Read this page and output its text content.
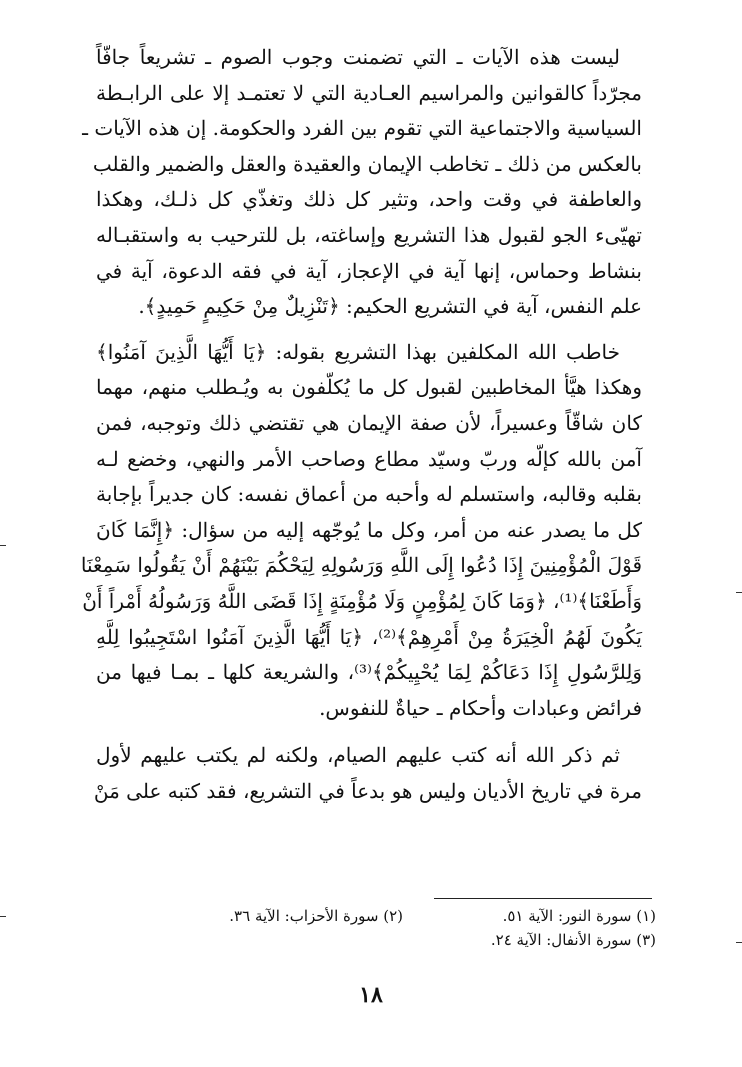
ليست هذه الآيات ـ التي تضمنت وجوب الصوم ـ تشريعاً جافّاً
مجرّداً كالقوانين والمراسيم العـادية التي لا تعتمـد إلا على الرابـطة
السياسية والاجتماعية التي تقوم بين الفرد والحكومة. إن هذه الآيات ـ
بالعكس من ذلك ـ تخاطب الإيمان والعقيدة والعقل والضمير والقلب
والعاطفة في وقت واحد، وتثير كل ذلك وتغذّي كل ذلـك، وهكذا
تهيّىء الجو لقبول هذا التشريع وإساغته، بل للترحيب به واستقبـاله
بنشاط وحماس، إنها آية في الإعجاز، آية في فقه الدعوة، آية في
علم النفس، آية في التشريع الحكيم: ﴿تَنْزِيلٌ مِنْ حَكِيمٍ حَمِيدٍ﴾.

خاطب الله المكلفين بهذا التشريع بقوله: ﴿يَا أَيُّهَا الَّذِينَ آمَنُوا﴾
وهكذا هيَّأ المخاطبين لقبول كل ما يُكلّفون به ويُـطلب منهم، مهما
كان شاقّاً وعسيراً، لأن صفة الإيمان هي تقتضي ذلك وتوجبه، فمن
آمن بالله كإلّه وربّ وسيّد مطاع وصاحب الأمر والنهي، وخضع لـه
بقلبه وقالبه، واستسلم له وأحبه من أعماق نفسه: كان جديراً بإجابة
كل ما يصدر عنه من أمر، وكل ما يُوجّهه إليه من سؤال: ﴿إِنَّمَا كَانَ
قَوْلَ الْمُؤْمِنِينَ إِذَا دُعُوا إِلَى اللَّهِ وَرَسُولِهِ لِيَحْكُمَ بَيْنَهُمْ أَنْ يَقُولُوا سَمِعْنَا
وَأَطَعْنَا﴾⁽¹⁾، ﴿وَمَا كَانَ لِمُؤْمِنٍ وَلَا مُؤْمِنَةٍ إِذَا قَضَى اللَّهُ وَرَسُولُهُ أَمْراً أَنْ
يَكُونَ لَهُمُ الْخِيَرَةُ مِنْ أَمْرِهِمْ﴾⁽²⁾، ﴿يَا أَيُّهَا الَّذِينَ آمَنُوا اسْتَجِيبُوا لِلَّهِ
وَلِلرَّسُولِ إِذَا دَعَاكُمْ لِمَا يُحْيِيكُمْ﴾⁽³⁾، والشريعة كلها ـ بمـا فيها من
فرائض وعبادات وأحكام ـ حياةٌ للنفوس.

ثم ذكر الله أنه كتب عليهم الصيام، ولكنه لم يكتب عليهم لأول
مرة في تاريخ الأديان وليس هو بدعاً في التشريع، فقد كتبه على مَنْ

(١) سورة النور: الآية ٥١.
(٢) سورة الأحزاب: الآية ٣٦.
(٣) سورة الأنفال: الآية ٢٤.
١٨
